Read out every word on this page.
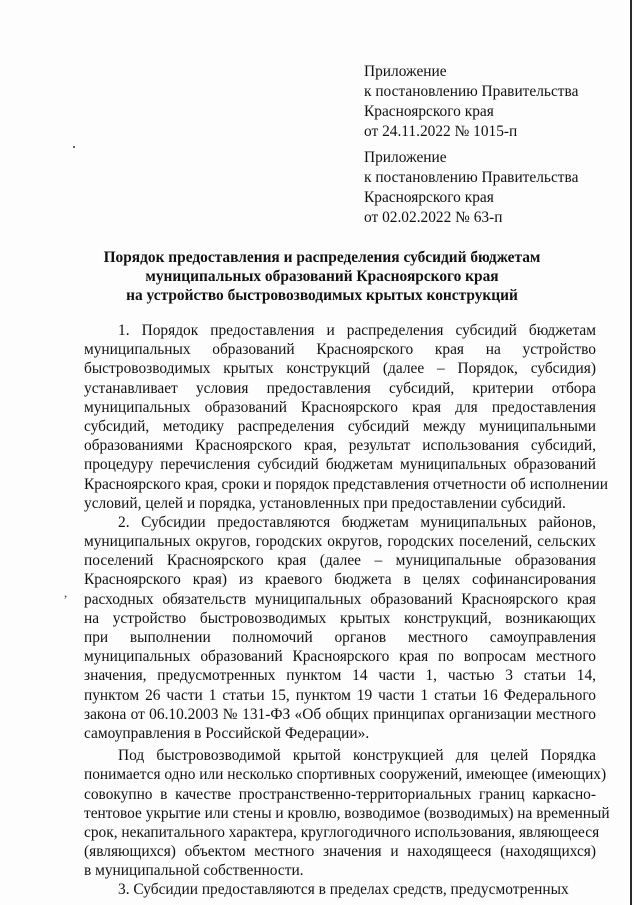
Приложение
к постановлению Правительства
Красноярского края
от 24.11.2022 № 1015-п
Приложение
к постановлению Правительства
Красноярского края
от 02.02.2022 № 63-п
Порядок предоставления и распределения субсидий бюджетам
муниципальных образований Красноярского края
на устройство быстровозводимых крытых конструкций
,
1. Порядок предоставления и распределения субсидий бюджетам
муниципальных образований Красноярского края на устройство
быстровозводимых крытых конструкций (далее – Порядок, субсидия)
устанавливает условия предоставления субсидий, критерии отбора
муниципальных образований Красноярского края для предоставления
субсидий, методику распределения субсидий между муниципальными
образованиями Красноярского края, результат использования субсидий,
процедуру перечисления субсидий бюджетам муниципальных образований
Красноярского края, сроки и порядок представления отчетности об исполнении
условий, целей и порядка, установленных при предоставлении субсидий.
2. Субсидии предоставляются бюджетам муниципальных районов,
муниципальных округов, городских округов, городских поселений, сельских
поселений Красноярского края (далее – муниципальные образования
Красноярского края) из краевого бюджета в целях софинансирования
расходных обязательств муниципальных образований Красноярского края
на устройство быстровозводимых крытых конструкций, возникающих
при выполнении полномочий органов местного самоуправления
муниципальных образований Красноярского края по вопросам местного
значения, предусмотренных пунктом 14 части 1, частью 3 статьи 14,
пунктом 26 части 1 статьи 15, пунктом 19 части 1 статьи 16 Федерального
закона от 06.10.2003 № 131-ФЗ «Об общих принципах организации местного
самоуправления в Российской Федерации».
Под быстровозводимой крытой конструкцией для целей Порядка
понимается одно или несколько спортивных сооружений, имеющее (имеющих)
совокупно в качестве пространственно-территориальных границ каркасно-
тентовое укрытие или стены и кровлю, возводимое (возводимых) на временный
срок, некапитального характера, круглогодичного использования, являющееся
(являющихся) объектом местного значения и находящееся (находящихся)
в муниципальной собственности.
3. Субсидии предоставляются в пределах средств, предусмотренных
